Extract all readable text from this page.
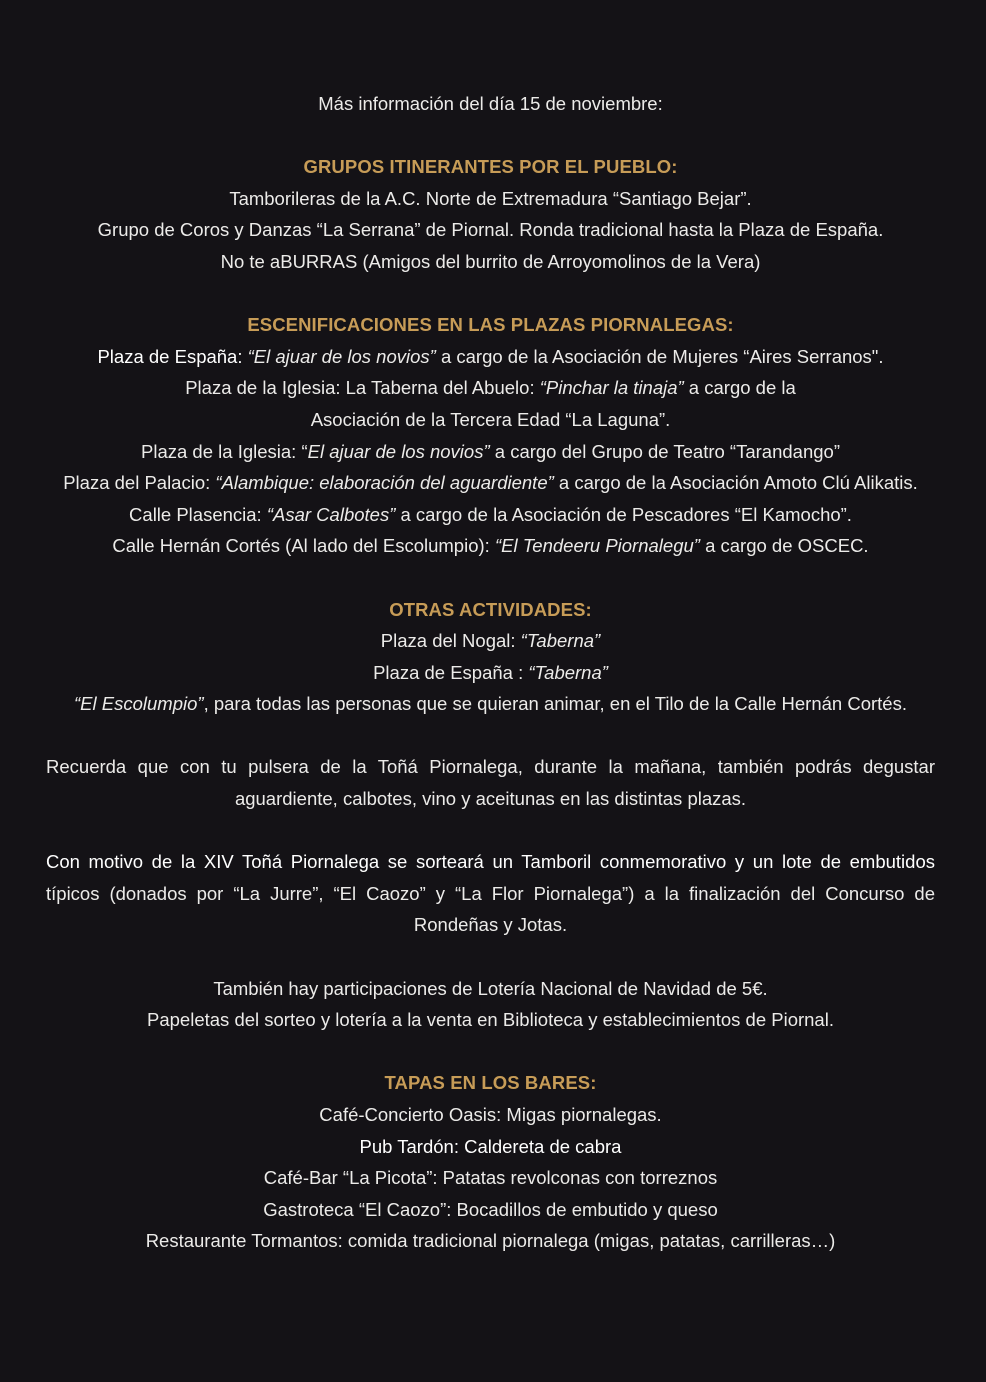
Más información del día 15 de noviembre:
GRUPOS ITINERANTES POR EL PUEBLO:
Tamborileras de la A.C. Norte de Extremadura “Santiago Bejar”.
Grupo de Coros y Danzas “La Serrana” de Piornal. Ronda tradicional hasta la Plaza de España.
No te aBURRAS (Amigos del burrito de Arroyomolinos de la Vera)
ESCENIFICACIONES EN LAS PLAZAS PIORNALEGAS:
Plaza de España: “El ajuar de los novios” a cargo de la Asociación de Mujeres “Aires Serranos".
Plaza de la Iglesia: La Taberna del Abuelo: “Pinchar la tinaja” a cargo de la
Asociación de la Tercera Edad “La Laguna”.
Plaza de la Iglesia: “El ajuar de los novios” a cargo del Grupo de Teatro “Tarandango”
Plaza del Palacio: “Alambique: elaboración del aguardiente” a cargo de la Asociación Amoto Clú Alikatis.
Calle Plasencia: “Asar Calbotes” a cargo de la Asociación de Pescadores “El Kamocho”.
Calle Hernán Cortés (Al lado del Escolumpio): “El Tendeeru Piornalegu” a cargo de OSCEC.
OTRAS ACTIVIDADES:
Plaza del Nogal: “Taberna”
Plaza de España : “Taberna”
“El Escolumpio”, para todas las personas que se quieran animar, en el Tilo de la Calle Hernán Cortés.
Recuerda que con tu pulsera de la Toñá Piornalega, durante la mañana, también podrás degustar
aguardiente, calbotes, vino y aceitunas en las distintas plazas.
Con motivo de la XIV Toñá Piornalega se sorteará un Tamboril conmemorativo y un lote de embutidos
típicos (donados por “La Jurre”, “El Caozo” y “La Flor Piornalega”) a la finalización del Concurso de
Rondeñas y Jotas.
También hay participaciones de Lotería Nacional de Navidad de 5€.
Papeletas del sorteo y lotería a la venta en Biblioteca y establecimientos de Piornal.
TAPAS EN LOS BARES:
Café-Concierto Oasis: Migas piornalegas.
Pub Tardón: Caldereta de cabra
Café-Bar “La Picota”: Patatas revolconas con torreznos
Gastroteca “El Caozo”: Bocadillos de embutido y queso
Restaurante Tormantos: comida tradicional piornalega (migas, patatas, carrilleras…)
